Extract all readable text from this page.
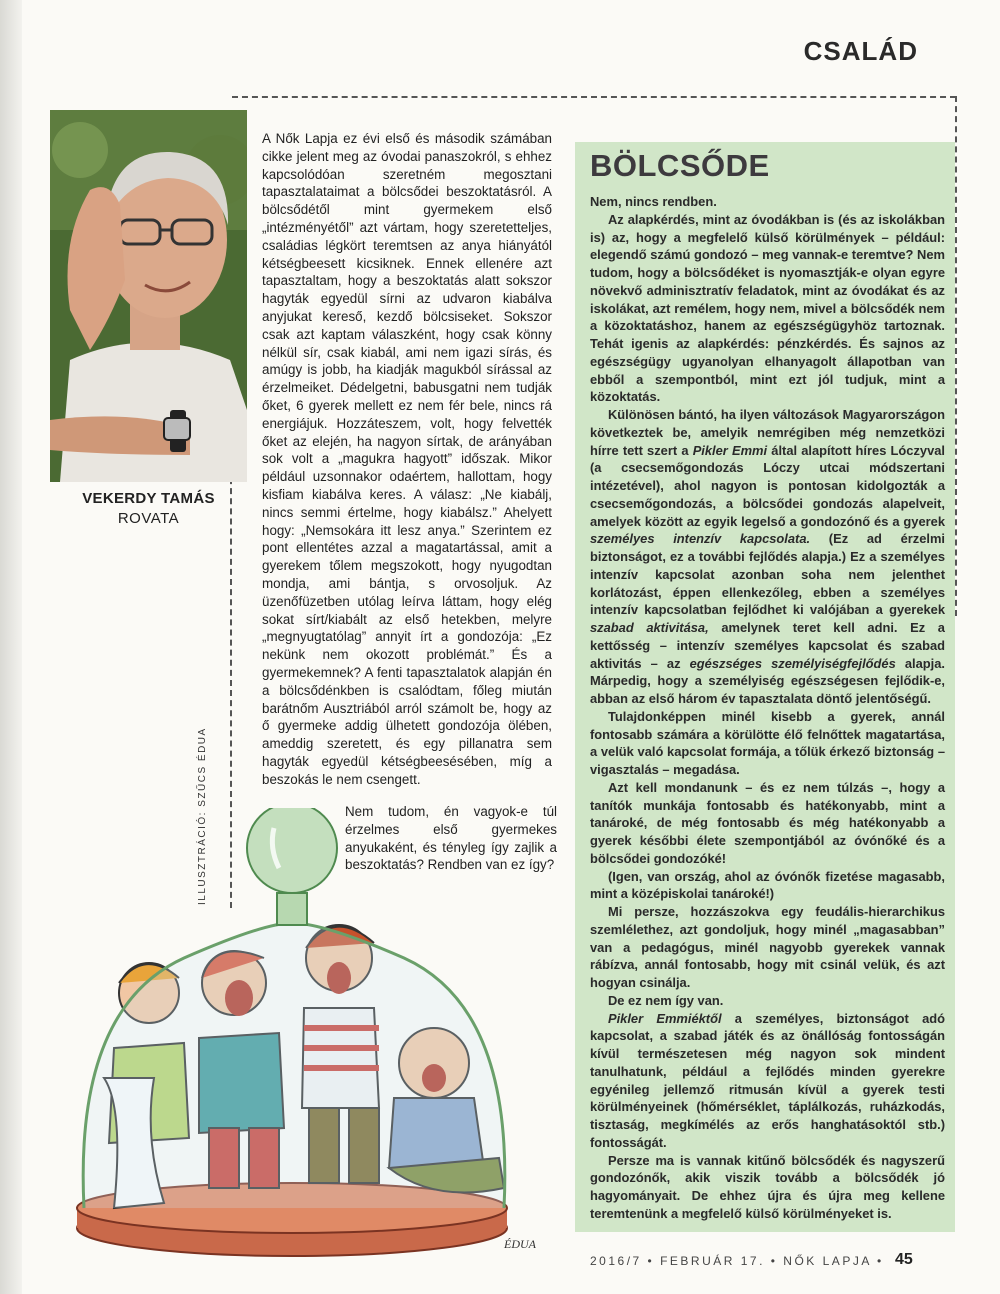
CSALÁD
VEKERDY TAMÁS
ROVATA
ILLUSZTRÁCIÓ: SZŰCS ÉDUA

A Nők Lapja ez évi első és második számában cikke jelent meg az óvodai panaszokról, s ehhez kapcsolódóan szeretném megosztani tapasztalataimat a bölcsődei beszoktatásról. A bölcsődétől mint gyermekem első „intézményétől” azt vártam, hogy szeretetteljes, családias légkört teremtsen az anya hiányától kétségbeesett kicsiknek. Ennek ellenére azt tapasztaltam, hogy a beszoktatás alatt sokszor hagyták egyedül sírni az udvaron kiabálva anyjukat kereső, kezdő bölcsiseket. Sokszor csak azt kaptam válaszként, hogy csak könny nélkül sír, csak kiabál, ami nem igazi sírás, és amúgy is jobb, ha kiadják magukból sírással az érzelmeiket. Dédelgetni, babusgatni nem tudják őket, 6 gyerek mellett ez nem fér bele, nincs rá energiájuk. Hozzáteszem, volt, hogy felvették őket az elején, ha nagyon sírtak, de arányában sok volt a „magukra hagyott” időszak. Mikor például uzsonnakor odaértem, hallottam, hogy kisfiam kiabálva keres. A válasz: „Ne kiabálj, nincs semmi értelme, hogy kiabálsz.” Ahelyett hogy: „Nemsokára itt lesz anya.” Szerintem ez pont ellentétes azzal a magatartással, amit a gyerekem tőlem megszokott, hogy nyugodtan mondja, ami bántja, s orvosoljuk. Az üzenőfüzetben utólag leírva láttam, hogy elég sokat sírt/kiabált az első hetekben, melyre „megnyugtatólag” annyit írt a gondozója: „Ez nekünk nem okozott problémát.” És a gyermekemnek? A fenti tapasztalatok alapján én a bölcsődénkben is csalódtam, főleg miután barátnőm Ausztriából arról számolt be, hogy az ő gyermeke addig ülhetett gondozója ölében, ameddig szeretett, és egy pillanatra sem hagyták egyedül kétségbeesésében, míg a beszokás le nem csengett.

Nem tudom, én vagyok-e túl érzelmes első gyermekes anyukaként, és tényleg így zajlik a beszoktatás? Rendben van ez így?

BÖLCSŐDE

Nem, nincs rendben.

Az alapkérdés, mint az óvodákban is (és az iskolákban is) az, hogy a megfelelő külső körülmények – például: elegendő számú gondozó – meg vannak-e teremtve? Nem tudom, hogy a bölcsődéket is nyomasztják-e olyan egyre növekvő adminisztratív feladatok, mint az óvodákat és az iskolákat, azt remélem, hogy nem, mivel a bölcsődék nem a közoktatáshoz, hanem az egészségügyhöz tartoznak. Tehát igenis az alapkérdés: pénzkérdés. És sajnos az egészségügy ugyanolyan elhanyagolt állapotban van ebből a szempontból, mint ezt jól tudjuk, mint a közoktatás.

Különösen bántó, ha ilyen változások Magyarországon következtek be, amelyik nemrégiben még nemzetközi hírre tett szert a Pikler Emmi által alapított híres Lóczyval (a csecsemőgondozás Lóczy utcai módszertani intézetével), ahol nagyon is pontosan kidolgozták a csecsemőgondozás, a bölcsődei gondozás alapelveit, amelyek között az egyik legelső a gondozónő és a gyerek személyes intenzív kapcsolata. (Ez ad érzelmi biztonságot, ez a további fejlődés alapja.) Ez a személyes intenzív kapcsolat azonban soha nem jelenthet korlátozást, éppen ellenkezőleg, ebben a személyes intenzív kapcsolatban fejlődhet ki valójában a gyerekek szabad aktivitása, amelynek teret kell adni. Ez a kettősség – intenzív személyes kapcsolat és szabad aktivitás – az egészséges személyiségfejlődés alapja. Márpedig, hogy a személyiség egészségesen fejlődik-e, abban az első három év tapasztalata döntő jelentőségű.

Tulajdonképpen minél kisebb a gyerek, annál fontosabb számára a körülötte élő felnőttek magatartása, a velük való kapcsolat formája, a tőlük érkező biztonság – vigasztalás – megadása.

Azt kell mondanunk – és ez nem túlzás –, hogy a tanítók munkája fontosabb és hatékonyabb, mint a tanároké, de még fontosabb és még hatékonyabb a gyerek későbbi élete szempontjából az óvónőké és a bölcsődei gondozóké!

(Igen, van ország, ahol az óvónők fizetése magasabb, mint a középiskolai tanároké!)

Mi persze, hozzászokva egy feudális-hierarchikus szemlélethez, azt gondoljuk, hogy minél „magasabban” van a pedagógus, minél nagyobb gyerekek vannak rábízva, annál fontosabb, hogy mit csinál velük, és azt hogyan csinálja.

De ez nem így van.

Pikler Emmiéktől a személyes, biztonságot adó kapcsolat, a szabad játék és az önállóság fontosságán kívül természetesen még nagyon sok mindent tanulhatunk, például a fejlődés minden gyerekre egyénileg jellemző ritmusán kívül a gyerek testi körülményeinek (hőmérséklet, táplálkozás, ruházkodás, tisztaság, megkímélés az erős hanghatásoktól stb.) fontosságát.

Persze ma is vannak kitűnő bölcsődék és nagyszerű gondozónők, akik viszik tovább a bölcsődék jó hagyományait. De ehhez újra és újra meg kellene teremtenünk a megfelelő külső körülményeket is.

ÉDUA
2016/7 • FEBRUÁR 17. • NŐK LAPJA • 45
